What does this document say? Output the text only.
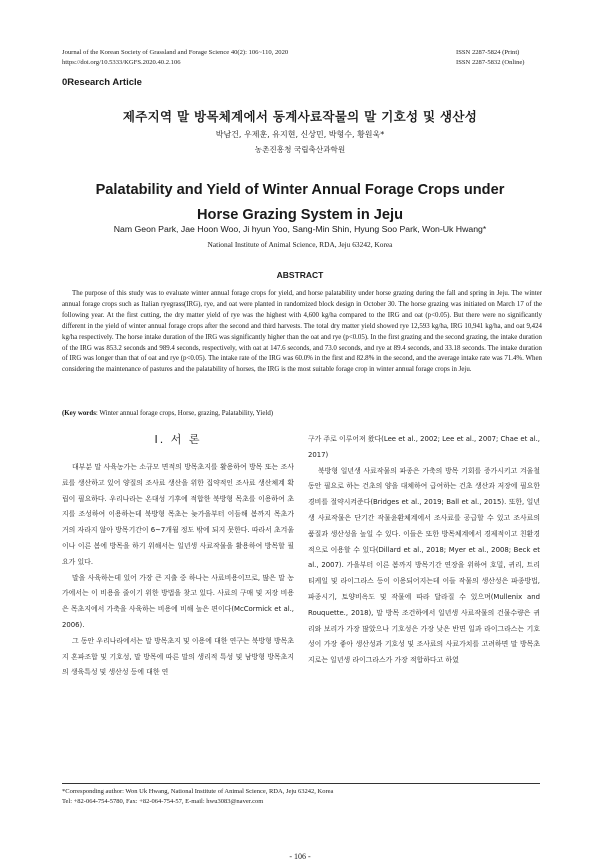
Journal of the Korean Society of Grassland and Forage Science 40(2): 106~110, 2020
https://doi.org/10.5333/KGFS.2020.40.2.106
ISSN 2287-5824 (Print)
ISSN 2287-5832 (Online)
0Research Article
제주지역 말 방목체계에서 동계사료작물의 말 기호성 및 생산성
박남건, 우제훈, 유지현, 신상민, 박형수, 황원욱*
농촌진흥청 국립축산과학원
Palatability and Yield of Winter Annual Forage Crops under
Horse Grazing System in Jeju
Nam Geon Park, Jae Hoon Woo, Ji hyun Yoo, Sang-Min Shin, Hyung Soo Park, Won-Uk Hwang*
National Institute of Animal Science, RDA, Jeju 63242, Korea
ABSTRACT
The purpose of this study was to evaluate winter annual forage crops for yield, and horse palatability under horse grazing during the fall and spring in Jeju. The winter annual forage crops such as Italian ryegrass(IRG), rye, and oat were planted in randomized block design in October 30. The horse grazing was initiated on March 17 of the following year. At the first cutting, the dry matter yield of rye was the highest with 4,600 kg/ha compared to the IRG and oat (p<0.05). But there were no significantly different in the yield of winter annual forage crops after the second and third harvests. The total dry matter yield showed rye 12,593 kg/ha, IRG 10,941 kg/ha, and oat 9,424 kg/ha respectively. The horse intake duration of the IRG was significantly higher than the oat and rye (p<0.05). In the first grazing and the second grazing, the intake duration of the IRG was 853.2 seconds and 989.4 seconds, respectively, with oat at 147.6 seconds, and 73.0 seconds, and rye at 89.4 seconds, and 33.18 seconds. The intake duration of IRG was longer than that of oat and rye (p<0.05). The intake rate of the IRG was 60.0% in the first and 82.8% in the second, and the average intake rate was 71.4%. When considering the maintenance of pastures and the palatability of horses, the IRG is the most suitable forage crop in winter annual forage crops in Jeju.
(Key words: Winter annual forage crops, Horse, grazing, Palatability, Yield)
Ⅰ. 서 론

대부분 말 사육농가는 소규모 면적의 방목초지를 활용하여 방목 또는 조사료를 생산하고 있어 양질의 조사료 생산을 위한 집약적인 조사료 생산체계 확립이 필요하다. 우리나라는 온대성 기후에 적합한 북방형 목초를 이용하여 초지를 조성하여 이용하는데 북방형 목초는 늦가을부터 이듬해 봄까지 목초가 거의 자라지 않아 방목기간이 6~7개월 정도 밖에 되지 못한다. 따라서 초겨울이나 이른 봄에 방목을 하기 위해서는 일년생 사료작물을 활용하여 방목할 필요가 있다.

말을 사육하는데 있어 가장 큰 지출 중 하나는 사료비용이므로, 많은 말 농가에서는 이 비용을 줄이기 위한 방법을 찾고 있다. 사료의 구매 및 저장 비용은 목초지에서 가축을 사육하는 비용에 비해 높은 편이다(McCormick et al., 2006).

그 동안 우리나라에서는 말 방목초지 및 이용에 대한 연구는 북방형 방목초지 혼파조합 및 기호성, 말 방목에 따른 말의 생리적 특성 및 남방형 방목초지의 생육특성 및 생산성 등에 대한 연

구가 주로 이루어져 왔다(Lee et al., 2002; Lee et al., 2007; Chae et al., 2017)

북방형 일년생 사료작물의 파종은 가축의 방목 기회를 증가시키고 겨울철 동안 필요로 하는 건초의 양을 대체하여 급여하는 건초 생산과 저장에 필요한 경비를 절약시켜준다(Bridges et al., 2019; Ball et al., 2015). 또한, 일년생 사료작물은 단기간 작물윤환체계에서 조사료를 공급할 수 있고 조사료의 품질과 생산성을 높일 수 있다. 이들은 또한 방목체계에서 경제적이고 친환경적으로 이용할 수 있다(Dillard et al., 2018; Myer et al., 2008; Beck et al., 2007). 가을부터 이른 봄까지 방목기간 연장을 위하여 호밀, 귀리, 트리티케일 및 라이그라스 등이 이용되어지는데 이들 작물의 생산성은 파종방법, 파종시기, 토양비옥도 및 작물에 따라 달라질 수 있으며(Mullenix and Rouquette., 2018), 말 방목 조건하에서 일년생 사료작물의 건물수량은 귀리와 보리가 가장 많았으나 기호성은 가장 낮은 반면 일과 라이그라스는 기호성이 가장 좋아 생산성과 기호성 및 조사료의 사료가치를 고려하면 말 방목초지로는 일년생 라이그라스가 가장 적합하다고 하였

*Corresponding author: Won Uk Hwang, National Institute of Animal Science, RDA, Jeju 63242, Korea
Tel: +82-064-754-5780, Fax: +82-064-754-57, E-mail: hwu3083@naver.com
- 106 -
